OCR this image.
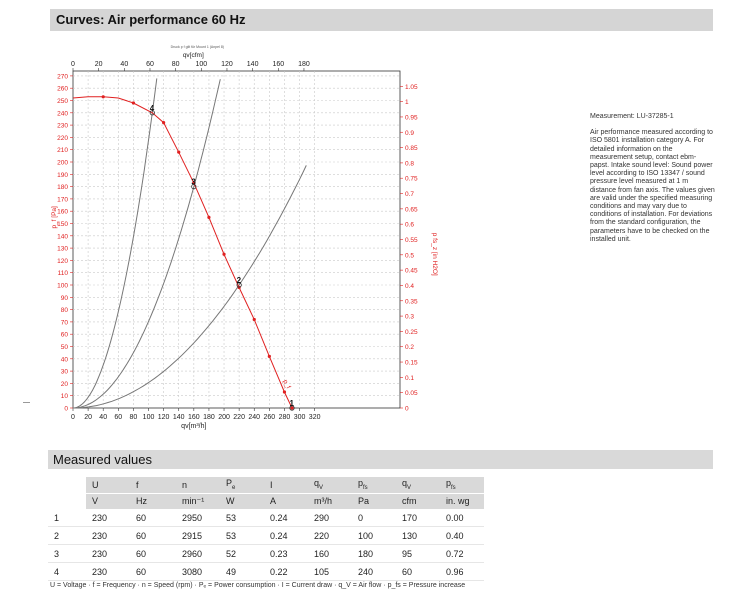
Curves: Air performance 60 Hz
0 20 40 60 80 100 120 140 160 180 200 220 240 260 280 300 320
qv[m³/h]
0
10
20
30
40
50
60
70
80
90
100
110
120
130
140
150
160
170
180
190
200
210
220
230
240
250
260
270
p_f [Pa]
0	20	40	60	80 100 120 140 160 180
qv[cfm]
Druck p f gilt für Mount 1 (Anpel 8)
0
0.05
0.1
0.15
0.2
0.25
0.3
0.35
0.4
0.45
0.5
0.55
0.6
0.65
0.7
0.75
0.8
0.85
0.9
0.95
1
1.05
p fs_z [in H2O]
p_f
1
2
3
4
Measurement: LU-37285-1
Air performance measured according to ISO 5801 installation category A. For detailed information on the measurement setup, contact ebm-papst. Intake sound level: Sound power level according to ISO 13347 / sound pressure level measured at 1 m distance from fan axis. The values given are valid under the specified measuring conditions and may vary due to conditions of installation. For deviations from the standard configuration, the parameters have to be checked on the installed unit.
Measured values
	U	f	n	$P_e$	I	$q_V$	$p_{fs}$	$q_V$	$p_{fs}$
	V	Hz	min⁻¹	W	A	m³/h	Pa	cfm	in. wg
1	230	60	2950	53	0.24	290	0	170	0.00
2	230	60	2915	53	0.24	220	100	130	0.40
3	230	60	2960	52	0.23	160	180	95	0.72
4	230	60	3080	49	0.22	105	240	60	0.96
U = Voltage · f = Frequency · n = Speed (rpm) · Pₑ = Power consumption · I = Current draw · q_V = Air flow · p_fs = Pressure increase
